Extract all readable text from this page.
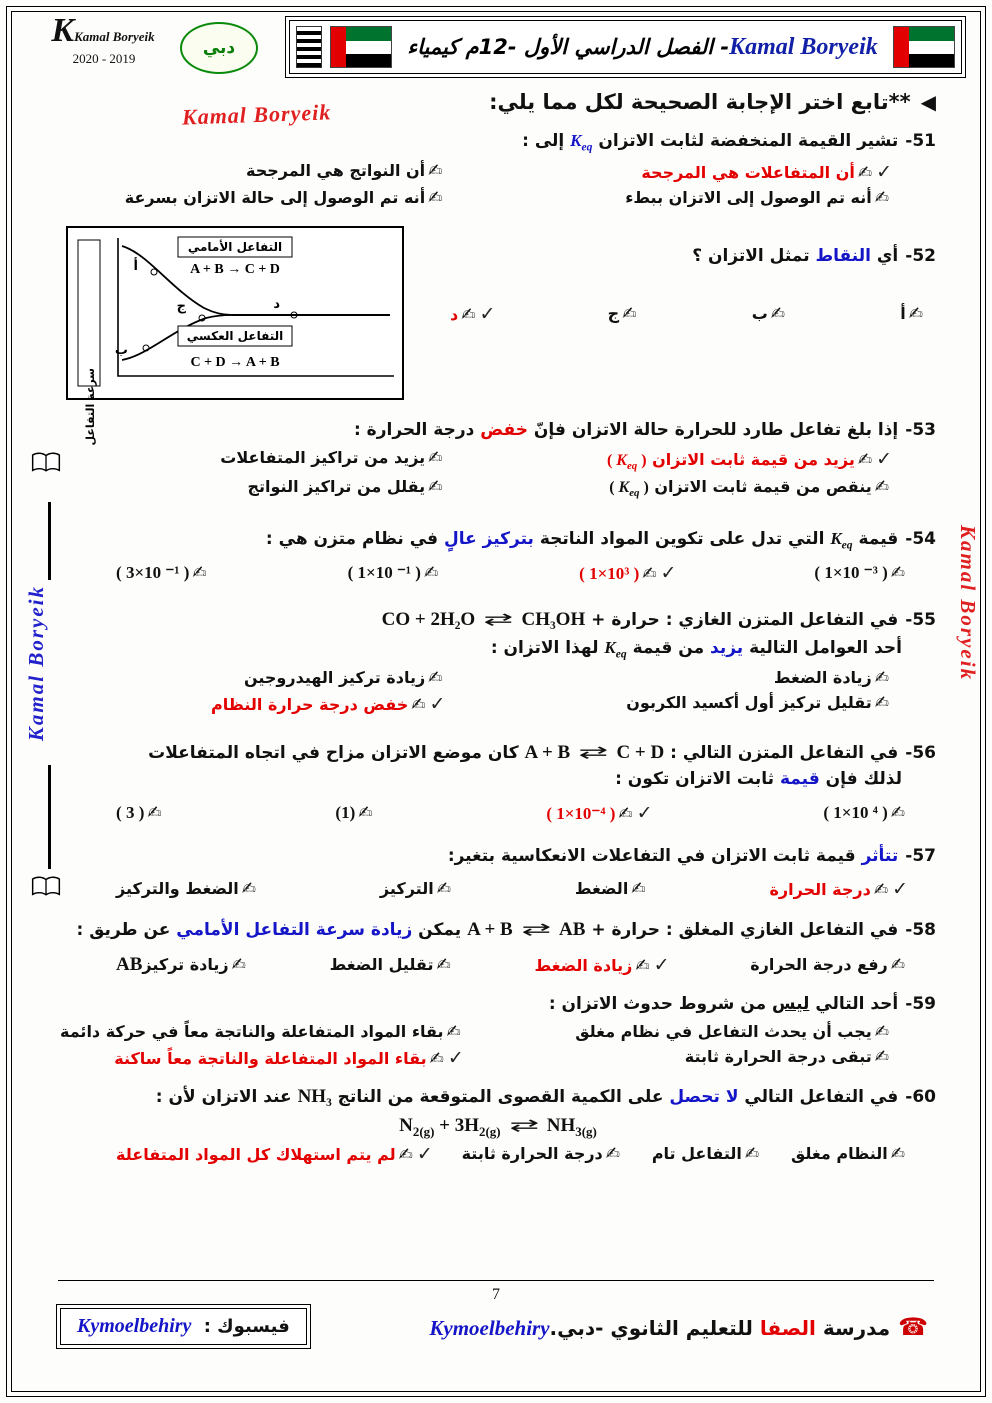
KKamal Boryeik
2020 - 2019
دبي	Kamal Boryeik- الفصل الدراسي الأول -12م كيمياء
Kamal Boryeik
Kamal Boryeik
Kamal Boryeik
◀**تابع اختر الإجابة الصحيحة لكل مما يلي:
51-تشير القيمة المنخفضة لثابت الاتزان $K_{eq}$ إلى :
✓✍أن المتفاعلات هي المرجحة
✍أن النواتج هي المرجحة
✍أنه تم الوصول إلى الاتزان ببطء
✍أنه تم الوصول إلى حالة الاتزان بسرعة
52-أي النقاط تمثل الاتزان ؟
✍أ
✍ب
✍ج
✓✍د
سرعة التفاعل
التفاعل الأمامي
A + B → C + D
التفاعل العكسي
C + D → A + B
أ
ب
ج	د
53-إذا بلغ تفاعل طارد للحرارة حالة الاتزان فإنّ خفض درجة الحرارة :
✓✍يزيد من قيمة ثابت الاتزان ( $K_{eq}$ )
✍يزيد من تراكيز المتفاعلات
✍ينقص من قيمة ثابت الاتزان ( $K_{eq}$ )
✍يقلل من تراكيز النواتج
54-قيمة $K_{eq}$ التي تدل على تكوين المواد الناتجة بتركيز عالٍ في نظام متزن هي :
✍( 1×10 ⁻³ )
✓✍( 1×10³ )
✍( 1×10 ⁻¹ )
✍( 3×10 ⁻¹ )
55-في التفاعل المتزن الغازي : حرارة + CH₃OH⇄CO + 2H₂O
أحد العوامل التالية يزيد من قيمة $K_{eq}$ لهذا الاتزان :
✍زيادة الضغط
✍زيادة تركيز الهيدروجين
✍تقليل تركيز أول أكسيد الكربون
✓✍خفض درجة حرارة النظام
56-في التفاعل المتزن التالي : A + B ⇄ C + D كان موضع الاتزان مزاح في اتجاه المتفاعلات
لذلك فإن قيمة ثابت الاتزان تكون :
✍( 1×10 ⁴ )
✓✍( 1×10⁻⁴ )
✍(1)
✍( 3 )
57-تتأثر قيمة ثابت الاتزان في التفاعلات الانعكاسية بتغير:
✓✍درجة الحرارة
✍الضغط
✍التركيز
✍الضغط والتركيز
58-في التفاعل الغازي المغلق : حرارة + AB⇄A + B يمكن زيادة سرعة التفاعل الأمامي عن طريق :
✍رفع درجة الحرارة
✓✍زيادة الضغط
✍تقليل الضغط
✍زيادة تركيزAB
59-أحد التالي ليس من شروط حدوث الاتزان :
✍يجب أن يحدث التفاعل في نظام مغلق
✍بقاء المواد المتفاعلة والناتجة معاً في حركة دائمة
✍تبقى درجة الحرارة ثابتة
✓✍بقاء المواد المتفاعلة والناتجة معاً ساكنة
60-في التفاعل التالي لا تحصل على الكمية القصوى المتوقعة من الناتج NH₃ عند الاتزان لأن :
$N_{2(g)} + 3H_{2(g)}$ ⇄ $NH_{3(g)}$
✍النظام مغلق
✍التفاعل تام
✍درجة الحرارة ثابتة
✓✍لم يتم استهلاك كل المواد المتفاعلة
7
☎مدرسة الصفا للتعليم الثانوي -دبي.Kymoelbehiry
فيسبوك : Kymoelbehiry
